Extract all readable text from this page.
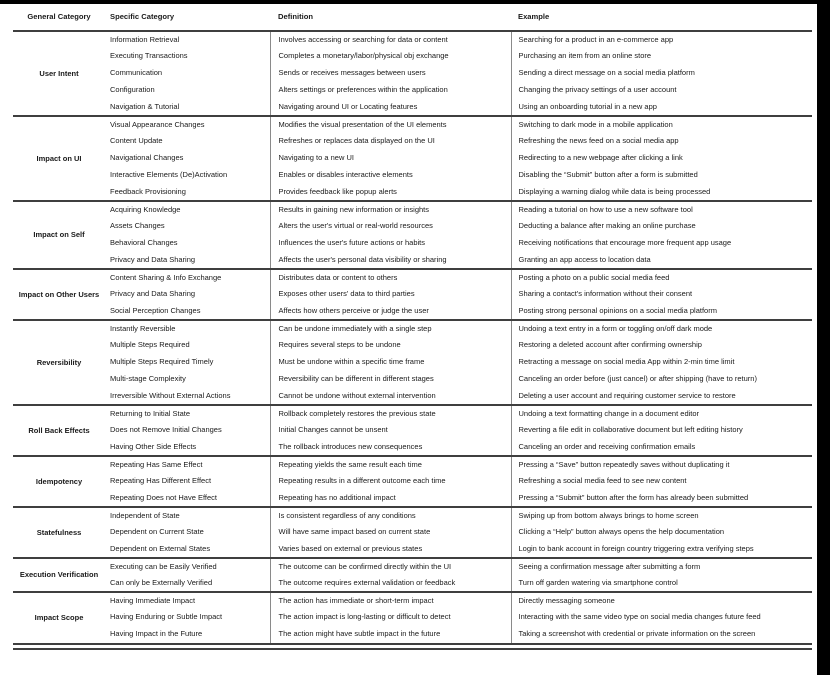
General Category	Specific Category	Definition	Example
User Intent	Information Retrieval	Involves accessing or searching for data or content	Searching for a product in an e-commerce app
	Executing Transactions	Completes a monetary/labor/physical obj exchange	Purchasing an item from an online store
	Communication	Sends or receives messages between users	Sending a direct message on a social media platform
	Configuration	Alters settings or preferences within the application	Changing the privacy settings of a user account
	Navigation & Tutorial	Navigating around UI or Locating features	Using an onboarding tutorial in a new app
Impact on UI	Visual Appearance Changes	Modifies the visual presentation of the UI elements	Switching to dark mode in a mobile application
	Content Update	Refreshes or replaces data displayed on the UI	Refreshing the news feed on a social media app
	Navigational Changes	Navigating to a new UI	Redirecting to a new webpage after clicking a link
	Interactive Elements (De)Activation	Enables or disables interactive elements	Disabling the “Submit” button after a form is submitted
	Feedback Provisioning	Provides feedback like popup alerts	Displaying a warning dialog while data is being processed
Impact on Self	Acquiring Knowledge	Results in gaining new information or insights	Reading a tutorial on how to use a new software tool
	Assets Changes	Alters the user's virtual or real-world resources	Deducting a balance after making an online purchase
	Behavioral Changes	Influences the user's future actions or habits	Receiving notifications that encourage more frequent app usage
	Privacy and Data Sharing	Affects the user's personal data visibility or sharing	Granting an app access to location data
Impact on Other Users	Content Sharing & Info Exchange	Distributes data or content to others	Posting a photo on a public social media feed
	Privacy and Data Sharing	Exposes other users' data to third parties	Sharing a contact's information without their consent
	Social Perception Changes	Affects how others perceive or judge the user	Posting strong personal opinions on a social media platform
Reversibility	Instantly Reversible	Can be undone immediately with a single step	Undoing a text entry in a form or toggling on/off dark mode
	Multiple Steps Required	Requires several steps to be undone	Restoring a deleted account after confirming ownership
	Multiple Steps Required Timely	Must be undone within a specific time frame	Retracting a message on social media App within 2-min time limit
	Multi-stage Complexity	Reversibility can be different in different stages	Canceling an order before (just cancel) or after shipping (have to return)
	Irreversible Without External Actions	Cannot be undone without external intervention	Deleting a user account and requiring customer service to restore
Roll Back Effects	Returning to Initial State	Rollback completely restores the previous state	Undoing a text formatting change in a document editor
	Does not Remove Initial Changes	Initial Changes cannot be unsent	Reverting a file edit in collaborative document but left editing history
	Having Other Side Effects	The rollback introduces new consequences	Canceling an order and receiving confirmation emails
Idempotency	Repeating Has Same Effect	Repeating yields the same result each time	Pressing a “Save” button repeatedly saves without duplicating it
	Repeating Has Different Effect	Repeating results in a different outcome each time	Refreshing a social media feed to see new content
	Repeating Does not Have Effect	Repeating has no additional impact	Pressing a “Submit” button after the form has already been submitted
Statefulness	Independent of State	Is consistent regardless of any conditions	Swiping up from bottom always brings to home screen
	Dependent on Current State	Will have same impact based on current state	Clicking a “Help” button always opens the help documentation
	Dependent on External States	Varies based on external or previous states	Login to bank account in foreign country triggering extra verifying steps
Execution Verification	Executing can be Easily Verified	The outcome can be confirmed directly within the UI	Seeing a confirmation message after submitting a form
	Can only be Externally Verified	The outcome requires external validation or feedback	Turn off garden watering via smartphone control
Impact Scope	Having Immediate Impact	The action has immediate or short-term impact	Directly messaging someone
	Having Enduring or Subtle Impact	The action impact is long-lasting or difficult to detect	Interacting with the same video type on social media changes future feed
	Having Impact in the Future	The action might have subtle impact in the future	Taking a screenshot with credential or private information on the screen
